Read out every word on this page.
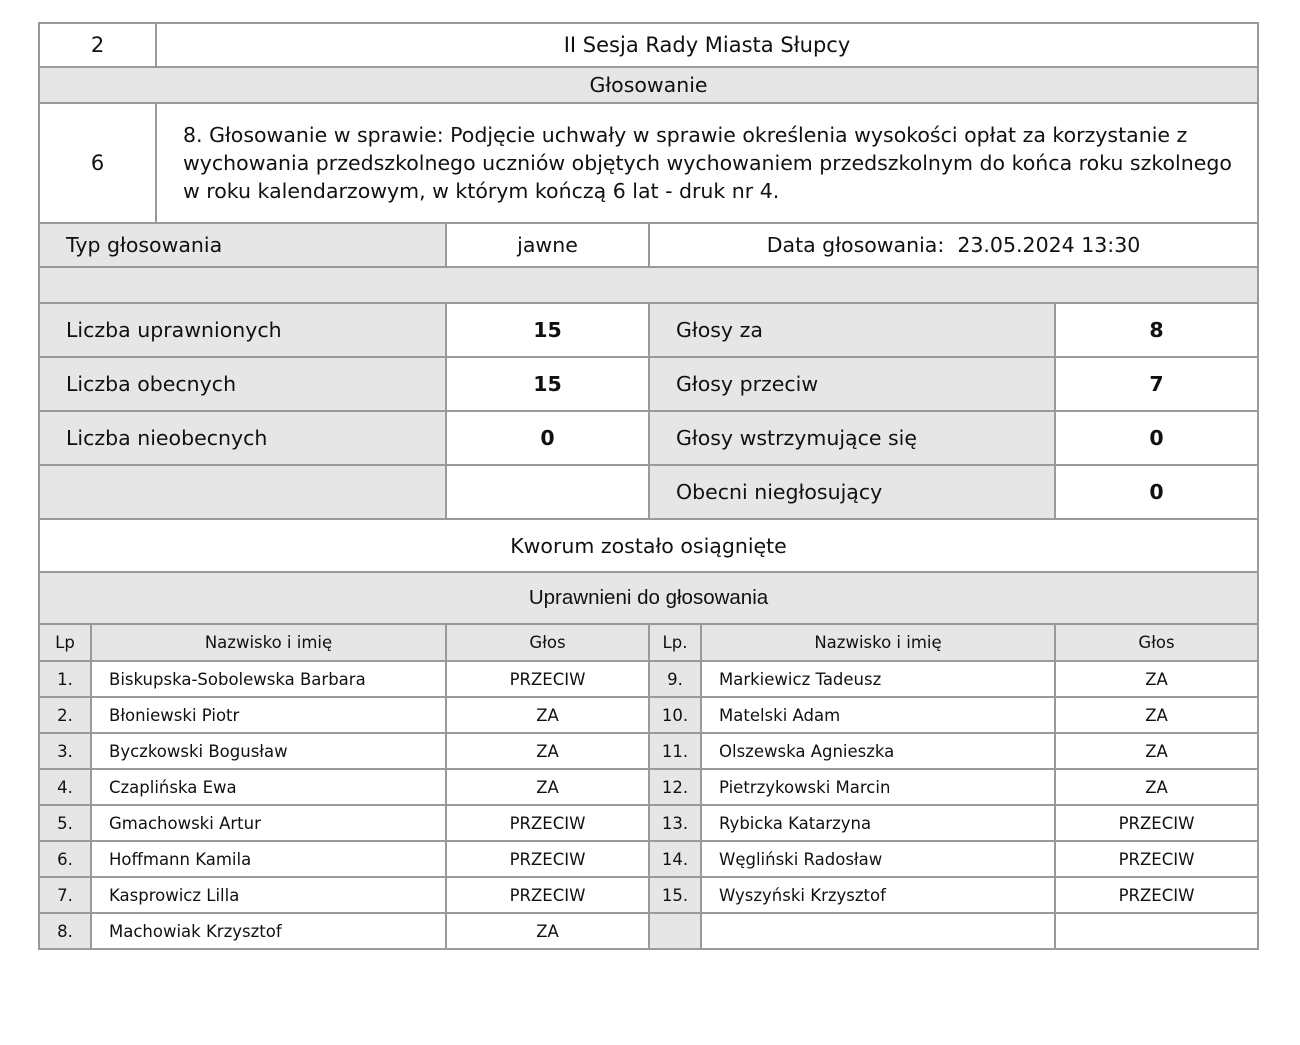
2	II Sesja Rady Miasta Słupcy
Głosowanie	
6	8. Głosowanie w sprawie: Podjęcie uchwały w sprawie określenia wysokości opłat za korzystanie z wychowania przedszkolnego uczniów objętych wychowaniem przedszkolnym do końca roku szkolnego w roku kalendarzowym, w którym kończą 6 lat - druk nr 4.
Typ głosowania	jawne	Data głosowania: 23.05.2024 13:30	

Liczba uprawnionych	15	Głosy za	8
Liczba obecnych	15	Głosy przeciw	7
Liczba nieobecnych	0	Głosy wstrzymujące się	0
		Obecni niegłosujący	0
Kworum zostało osiągnięte			
Uprawnieni do głosowania			
Lp	Nazwisko i imię	Głos	Lp.	Nazwisko i imię	Głos
1.	Biskupska-Sobolewska Barbara	PRZECIW	9.	Markiewicz Tadeusz	ZA
2.	Błoniewski Piotr	ZA	10.	Matelski Adam	ZA
3.	Byczkowski Bogusław	ZA	11.	Olszewska Agnieszka	ZA
4.	Czaplińska Ewa	ZA	12.	Pietrzykowski Marcin	ZA
5.	Gmachowski Artur	PRZECIW	13.	Rybicka Katarzyna	PRZECIW
6.	Hoffmann Kamila	PRZECIW	14.	Węgliński Radosław	PRZECIW
7.	Kasprowicz Lilla	PRZECIW	15.	Wyszyński Krzysztof	PRZECIW
8.	Machowiak Krzysztof	ZA			
